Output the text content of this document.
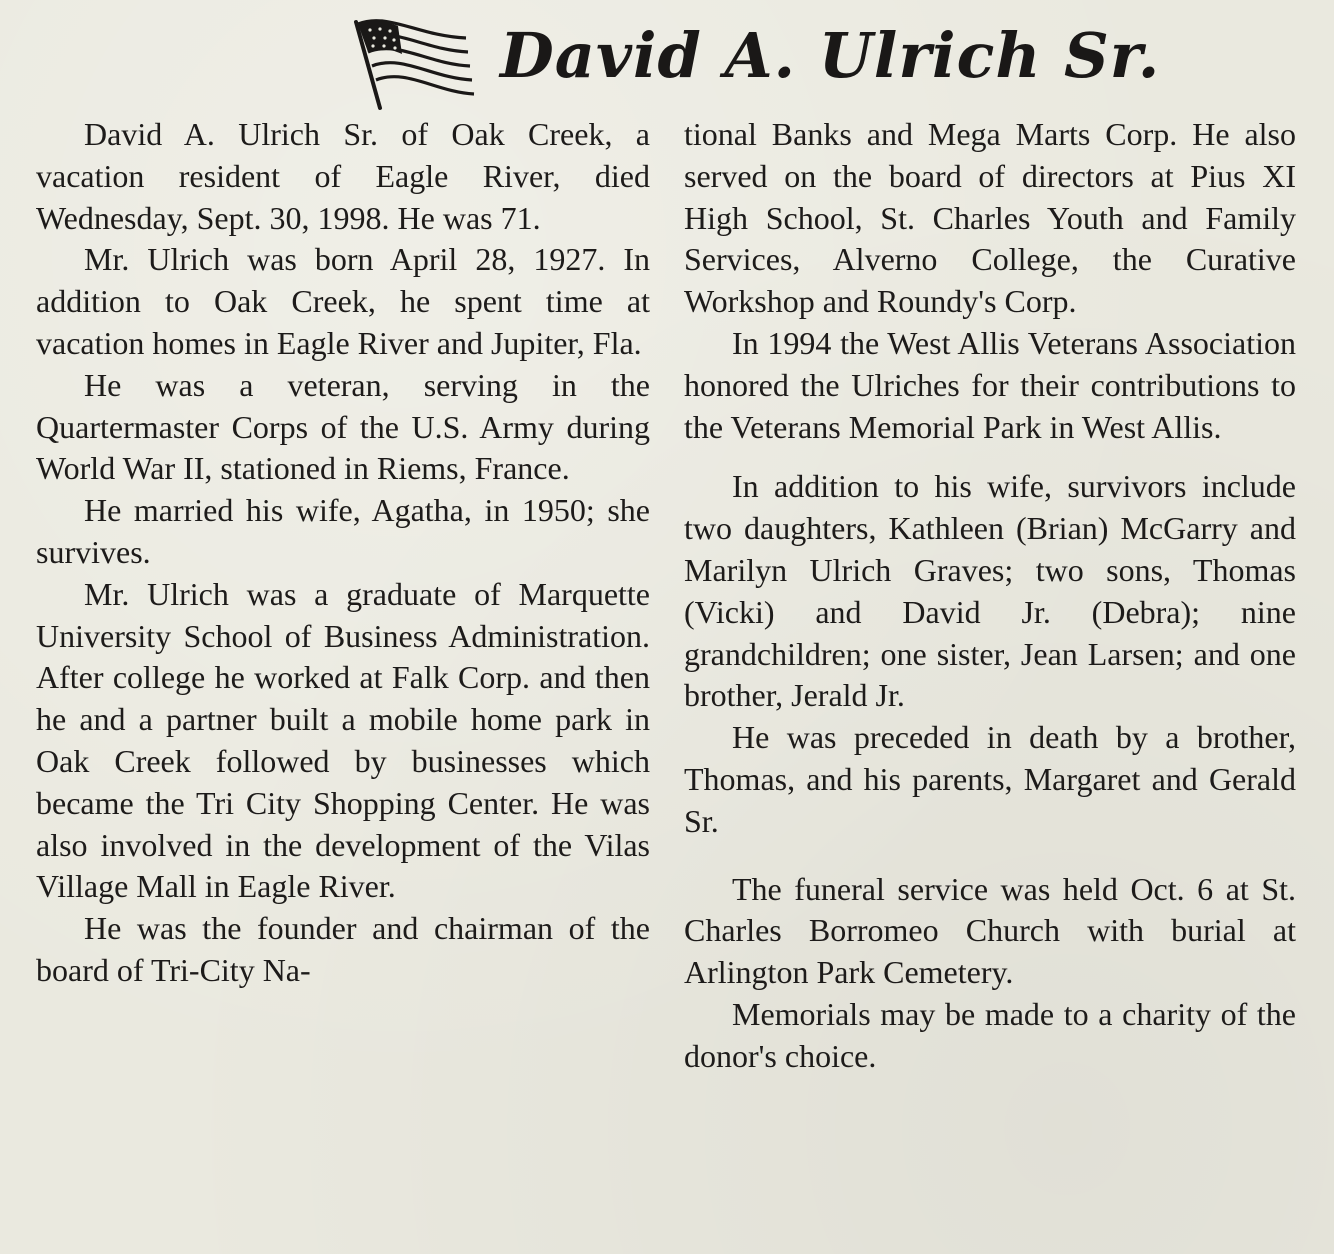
David A. Ulrich Sr.

David A. Ulrich Sr. of Oak Creek, a vacation resident of Eagle River, died Wednesday, Sept. 30, 1998. He was 71.

Mr. Ulrich was born April 28, 1927. In addition to Oak Creek, he spent time at vacation homes in Eagle River and Jupiter, Fla.

He was a veteran, serving in the Quartermaster Corps of the U.S. Army during World War II, stationed in Riems, France.

He married his wife, Agatha, in 1950; she survives.

Mr. Ulrich was a graduate of Marquette University School of Business Administration. After college he worked at Falk Corp. and then he and a partner built a mobile home park in Oak Creek followed by businesses which became the Tri City Shopping Center. He was also involved in the development of the Vilas Village Mall in Eagle River.

He was the founder and chairman of the board of Tri-City Na-

tional Banks and Mega Marts Corp. He also served on the board of directors at Pius XI High School, St. Charles Youth and Family Services, Alverno College, the Curative Workshop and Roundy's Corp.

In 1994 the West Allis Veterans Association honored the Ulriches for their contributions to the Veterans Memorial Park in West Allis.

In addition to his wife, survivors include two daughters, Kathleen (Brian) McGarry and Marilyn Ulrich Graves; two sons, Thomas (Vicki) and David Jr. (Debra); nine grandchildren; one sister, Jean Larsen; and one brother, Jerald Jr.

He was preceded in death by a brother, Thomas, and his parents, Margaret and Gerald Sr.

The funeral service was held Oct. 6 at St. Charles Borromeo Church with burial at Arlington Park Cemetery.

Memorials may be made to a charity of the donor's choice.
